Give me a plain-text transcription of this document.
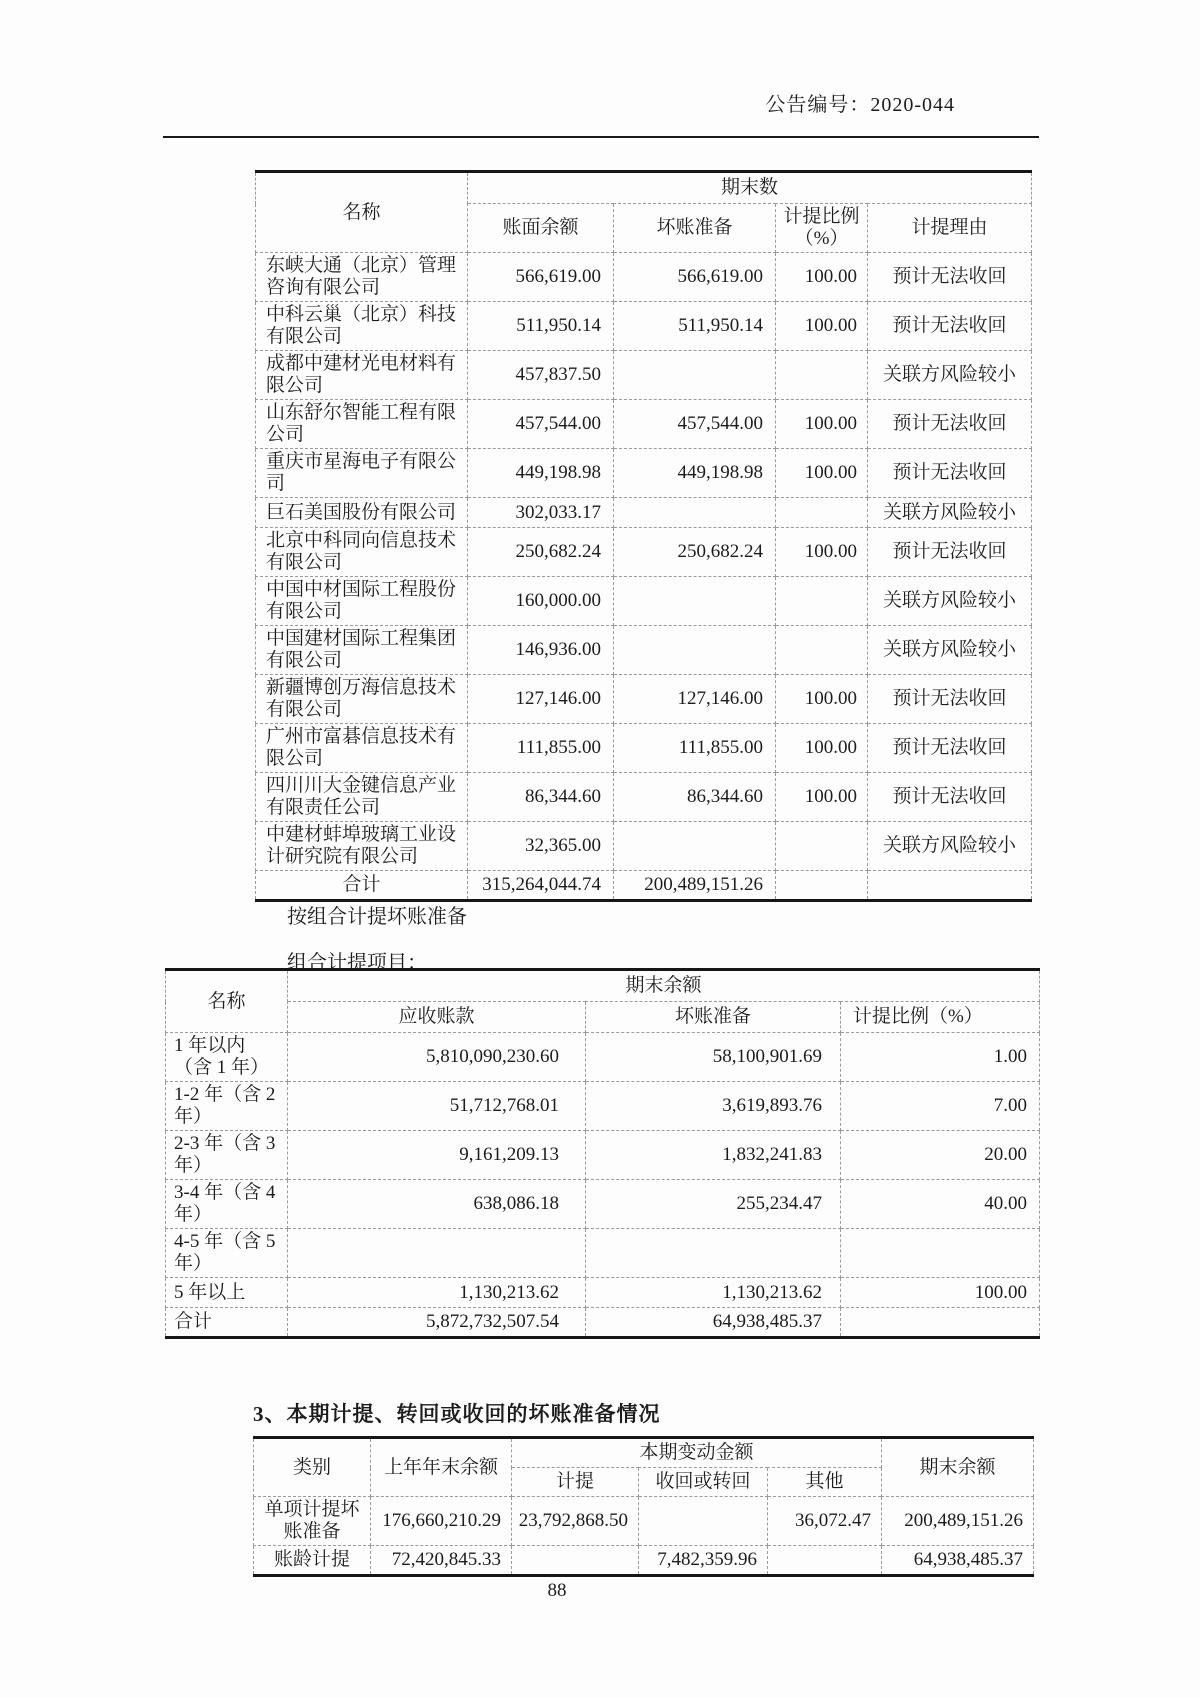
公告编号：2020-044
名称	期末数			
	账面余额	坏账准备	计提比例（%）	计提理由
东峡大通（北京）管理咨询有限公司	566,619.00	566,619.00	100.00	预计无法收回
中科云巢（北京）科技有限公司	511,950.14	511,950.14	100.00	预计无法收回
成都中建材光电材料有限公司	457,837.50			关联方风险较小
山东舒尔智能工程有限公司	457,544.00	457,544.00	100.00	预计无法收回
重庆市星海电子有限公司	449,198.98	449,198.98	100.00	预计无法收回
巨石美国股份有限公司	302,033.17			关联方风险较小
北京中科同向信息技术有限公司	250,682.24	250,682.24	100.00	预计无法收回
中国中材国际工程股份有限公司	160,000.00			关联方风险较小
中国建材国际工程集团有限公司	146,936.00			关联方风险较小
新疆博创万海信息技术有限公司	127,146.00	127,146.00	100.00	预计无法收回
广州市富碁信息技术有限公司	111,855.00	111,855.00	100.00	预计无法收回
四川川大金键信息产业有限责任公司	86,344.60	86,344.60	100.00	预计无法收回
中建材蚌埠玻璃工业设计研究院有限公司	32,365.00			关联方风险较小
合计	315,264,044.74	200,489,151.26		
按组合计提坏账准备
组合计提项目：
名称	期末余额		
	应收账款	坏账准备	计提比例（%）
1 年以内（含 1 年）	5,810,090,230.60	58,100,901.69	1.00
1-2 年（含 2 年）	51,712,768.01	3,619,893.76	7.00
2-3 年（含 3 年）	9,161,209.13	1,832,241.83	20.00
3-4 年（含 4 年）	638,086.18	255,234.47	40.00
4-5 年（含 5 年）			
5 年以上	1,130,213.62	1,130,213.62	100.00
合计	5,872,732,507.54	64,938,485.37	
3、本期计提、转回或收回的坏账准备情况
类别	上年年末余额	本期变动金额			期末余额
		计提	收回或转回	其他	
单项计提坏账准备	176,660,210.29	23,792,868.50		36,072.47	200,489,151.26
账龄计提	72,420,845.33		7,482,359.96		64,938,485.37
88
